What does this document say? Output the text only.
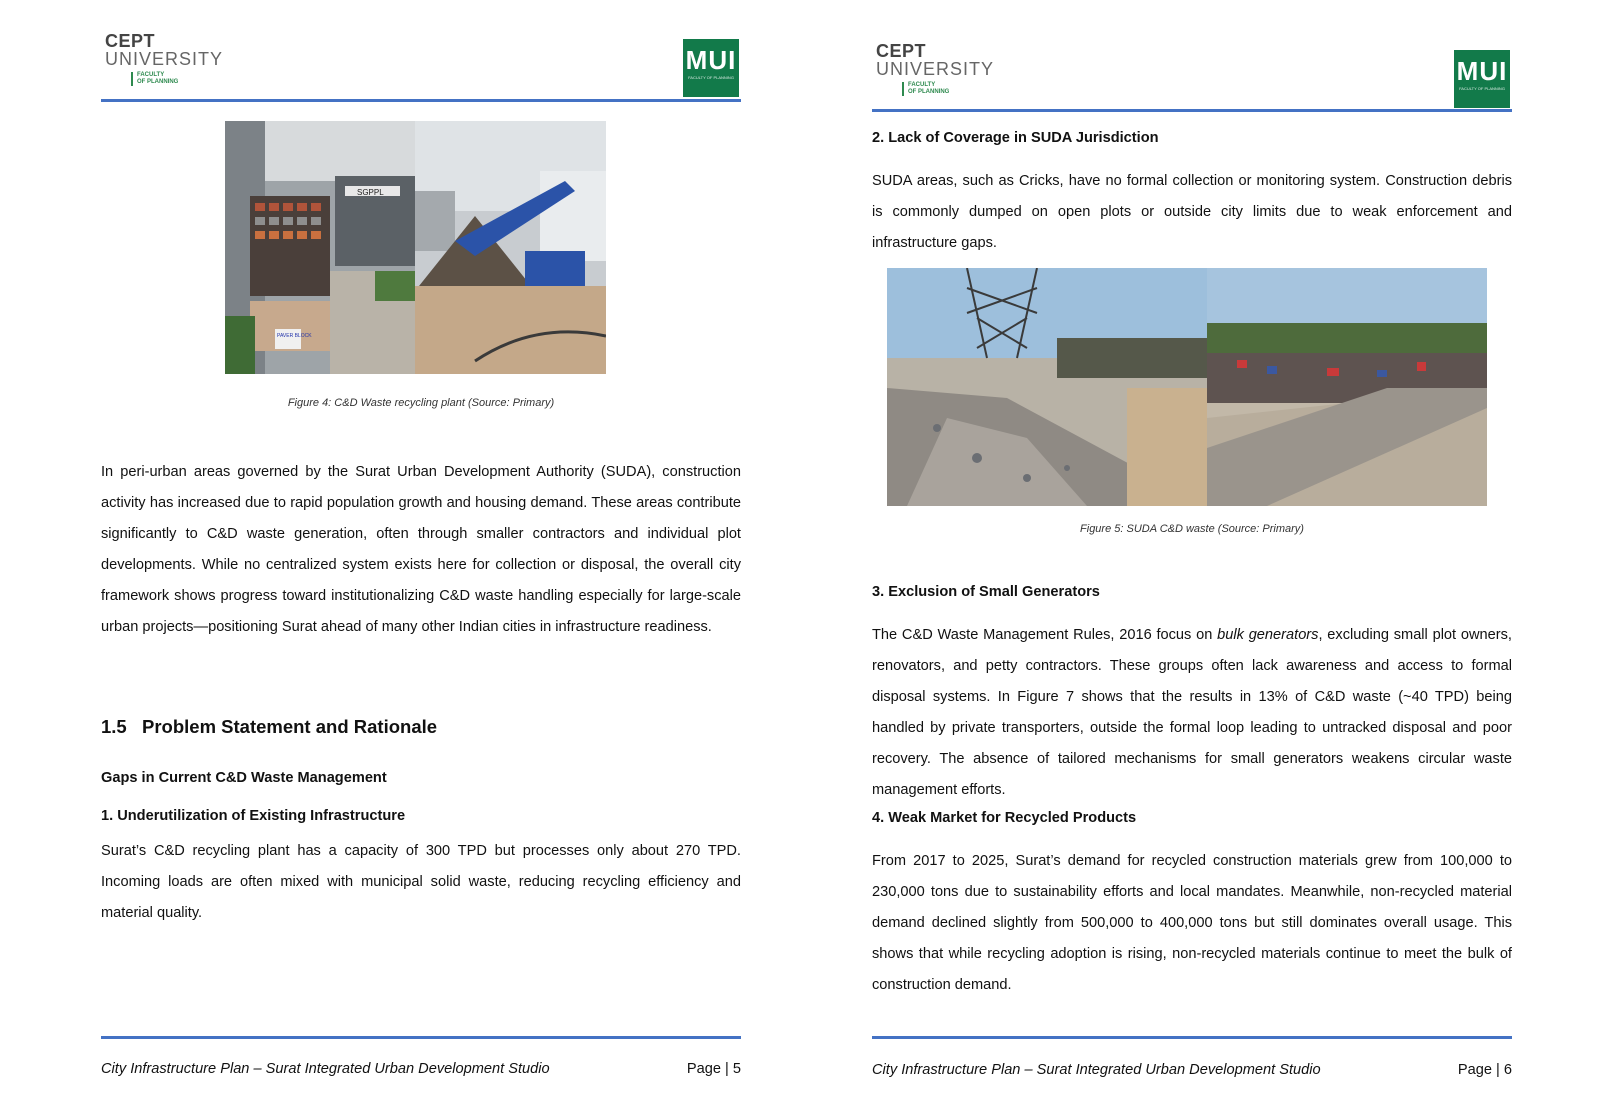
CEPT
UNIVERSITY
FACULTY
OF PLANNING
MUI
FACULTY OF PLANNING
SGPPL
PAVER BLOCK
Figure 4: C&D Waste recycling plant (Source: Primary)

In peri-urban areas governed by the Surat Urban Development Authority (SUDA), construction activity has increased due to rapid population growth and housing demand. These areas contribute significantly to C&D waste generation, often through smaller contractors and individual plot developments. While no centralized system exists here for collection or disposal, the overall city framework shows progress toward institutionalizing C&D waste handling especially for large-scale urban projects—positioning Surat ahead of many other Indian cities in infrastructure readiness.

1.5 Problem Statement and Rationale
Gaps in Current C&D Waste Management
1. Underutilization of Existing Infrastructure

Surat’s C&D recycling plant has a capacity of 300 TPD but processes only about 270 TPD. Incoming loads are often mixed with municipal solid waste, reducing recycling efficiency and material quality.

City Infrastructure Plan – Surat Integrated Urban Development Studio	Page | 5
CEPT
UNIVERSITY
FACULTY
OF PLANNING
MUI
FACULTY OF PLANNING
2. Lack of Coverage in SUDA Jurisdiction

SUDA areas, such as Cricks, have no formal collection or monitoring system. Construction debris is commonly dumped on open plots or outside city limits due to weak enforcement and infrastructure gaps.

Figure 5: SUDA C&D waste (Source: Primary)
3. Exclusion of Small Generators

The C&D Waste Management Rules, 2016 focus on bulk generators, excluding small plot owners, renovators, and petty contractors. These groups often lack awareness and access to formal disposal systems. In Figure 7 shows that the results in 13% of C&D waste (~40 TPD) being handled by private transporters, outside the formal loop leading to untracked disposal and poor recovery. The absence of tailored mechanisms for small generators weakens circular waste management efforts.

4. Weak Market for Recycled Products

From 2017 to 2025, Surat’s demand for recycled construction materials grew from 100,000 to 230,000 tons due to sustainability efforts and local mandates. Meanwhile, non-recycled material demand declined slightly from 500,000 to 400,000 tons but still dominates overall usage. This shows that while recycling adoption is rising, non-recycled materials continue to meet the bulk of construction demand.

City Infrastructure Plan – Surat Integrated Urban Development Studio	Page | 6
